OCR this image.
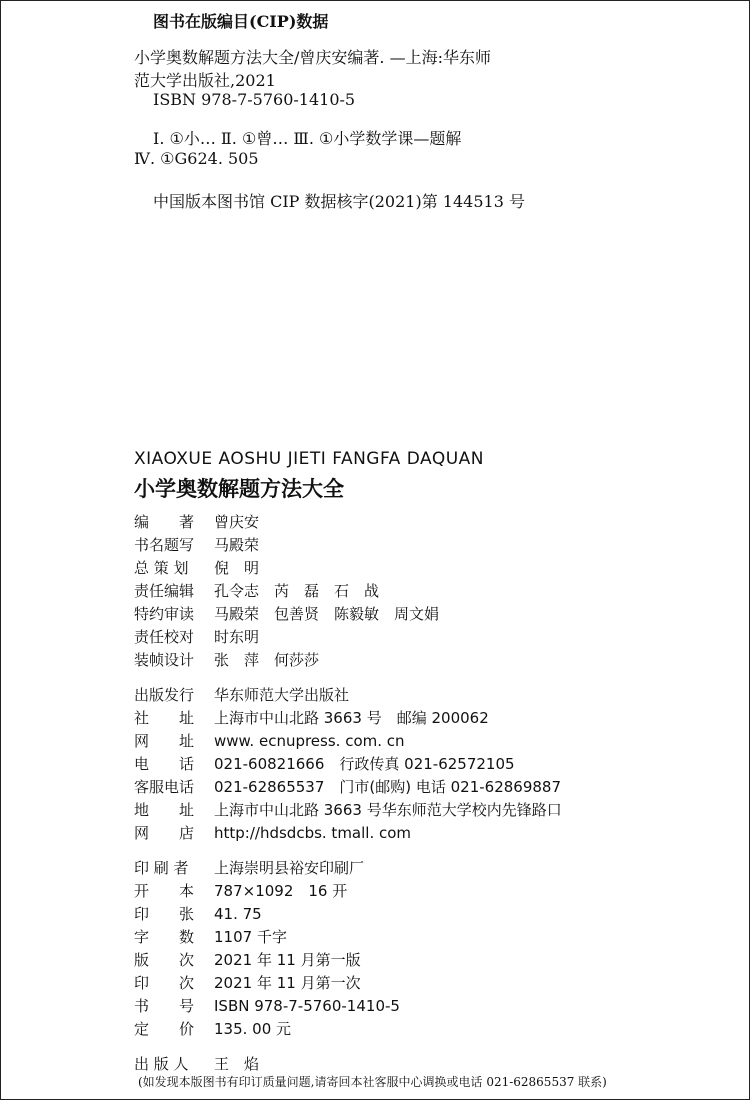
图书在版编目(CIP)数据
小学奥数解题方法大全/曾庆安编著. —上海:华东师
范大学出版社,2021
ISBN 978-7-5760-1410-5
Ⅰ. ①小… Ⅱ. ①曾… Ⅲ. ①小学数学课—题解
Ⅳ. ①G624. 505
中国版本图书馆 CIP 数据核字(2021)第 144513 号
XIAOXUE AOSHU JIETI FANGFA DAQUAN
小学奥数解题方法大全
编　　著	曾庆安
书名题写	马殿荣
总 策 划	倪　明
责任编辑	孔令志　芮　磊　石　战
特约审读	马殿荣　包善贤　陈毅敏　周文娟
责任校对	时东明
装帧设计	张　萍　何莎莎
出版发行	华东师范大学出版社
社　　址	上海市中山北路 3663 号　邮编 200062
网　　址	www. ecnupress. com. cn
电　　话	021-60821666　行政传真 021-62572105
客服电话	021-62865537　门市(邮购) 电话 021-62869887
地　　址	上海市中山北路 3663 号华东师范大学校内先锋路口
网　　店	http://hdsdcbs. tmall. com
印 刷 者	上海崇明县裕安印刷厂
开　　本	787×1092　16 开
印　　张	41. 75
字　　数	1107 千字
版　　次	2021 年 11 月第一版
印　　次	2021 年 11 月第一次
书　　号	ISBN 978-7-5760-1410-5
定　　价	135. 00 元
出 版 人	王　焰
(如发现本版图书有印订质量问题,请寄回本社客服中心调换或电话 021-62865537 联系)
